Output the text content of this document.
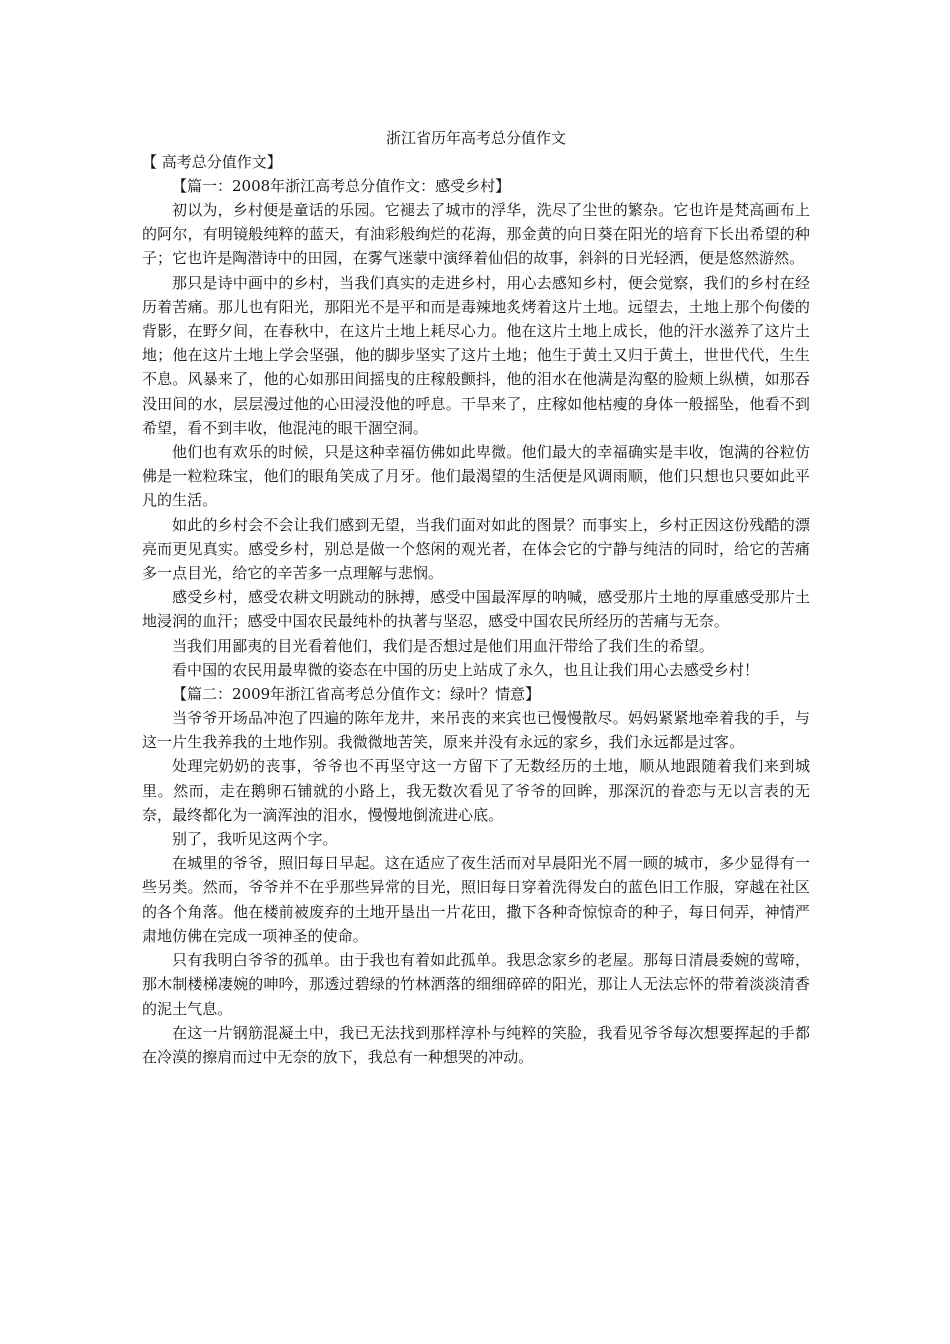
浙江省历年高考总分值作文

【 高考总分值作文】

【篇一：2008年浙江高考总分值作文：感受乡村】

初以为，乡村便是童话的乐园。它褪去了城市的浮华，洗尽了尘世的繁杂。它也许是梵高画布上的阿尔，有明镜般纯粹的蓝天，有油彩般绚烂的花海，那金黄的向日葵在阳光的培育下长出希望的种子；它也许是陶潜诗中的田园，在雾气迷蒙中演绎着仙侣的故事，斜斜的日光轻洒，便是悠然游然。

那只是诗中画中的乡村，当我们真实的走进乡村，用心去感知乡村，便会觉察，我们的乡村在经历着苦痛。那儿也有阳光，那阳光不是平和而是毒辣地炙烤着这片土地。远望去，土地上那个佝偻的背影，在野夕间，在春秋中，在这片土地上耗尽心力。他在这片土地上成长，他的汗水滋养了这片土地；他在这片土地上学会坚强，他的脚步坚实了这片土地；他生于黄土又归于黄土，世世代代，生生不息。风暴来了，他的心如那田间摇曳的庄稼般颤抖，他的泪水在他满是沟壑的脸颊上纵横，如那吞没田间的水，层层漫过他的心田浸没他的呼息。干旱来了，庄稼如他枯瘦的身体一般摇坠，他看不到希望，看不到丰收，他混沌的眼干涸空洞。

他们也有欢乐的时候，只是这种幸福仿佛如此卑微。他们最大的幸福确实是丰收，饱满的谷粒仿佛是一粒粒珠宝，他们的眼角笑成了月牙。他们最渴望的生活便是风调雨顺，他们只想也只要如此平凡的生活。

如此的乡村会不会让我们感到无望，当我们面对如此的图景？而事实上，乡村正因这份残酷的漂亮而更见真实。感受乡村，别总是做一个悠闲的观光者，在体会它的宁静与纯洁的同时，给它的苦痛多一点目光，给它的辛苦多一点理解与悲悯。

感受乡村，感受农耕文明跳动的脉搏，感受中国最浑厚的呐喊，感受那片土地的厚重感受那片土地浸润的血汗；感受中国农民最纯朴的执著与坚忍，感受中国农民所经历的苦痛与无奈。

当我们用鄙夷的目光看着他们，我们是否想过是他们用血汗带给了我们生的希望。

看中国的农民用最卑微的姿态在中国的历史上站成了永久，也且让我们用心去感受乡村！

【篇二：2009年浙江省高考总分值作文：绿叶？情意】

当爷爷开场品冲泡了四遍的陈年龙井，来吊丧的来宾也已慢慢散尽。妈妈紧紧地牵着我的手，与这一片生我养我的土地作别。我微微地苦笑，原来并没有永远的家乡，我们永远都是过客。

处理完奶奶的丧事，爷爷也不再坚守这一方留下了无数经历的土地，顺从地跟随着我们来到城里。然而，走在鹅卵石铺就的小路上，我无数次看见了爷爷的回眸，那深沉的眷恋与无以言表的无奈，最终都化为一滴浑浊的泪水，慢慢地倒流进心底。

别了，我听见这两个字。

在城里的爷爷，照旧每日早起。这在适应了夜生活而对早晨阳光不屑一顾的城市，多少显得有一些另类。然而，爷爷并不在乎那些异常的目光，照旧每日穿着洗得发白的蓝色旧工作服，穿越在社区的各个角落。他在楼前被废弃的土地开垦出一片花田，撒下各种奇惊惊奇的种子，每日伺弄，神情严肃地仿佛在完成一项神圣的使命。

只有我明白爷爷的孤单。由于我也有着如此孤单。我思念家乡的老屋。那每日清晨委婉的莺啼，那木制楼梯凄婉的呻吟，那透过碧绿的竹林洒落的细细碎碎的阳光，那让人无法忘怀的带着淡淡清香的泥土气息。

在这一片钢筋混凝土中，我已无法找到那样淳朴与纯粹的笑脸，我看见爷爷每次想要挥起的手都在冷漠的擦肩而过中无奈的放下，我总有一种想哭的冲动。
